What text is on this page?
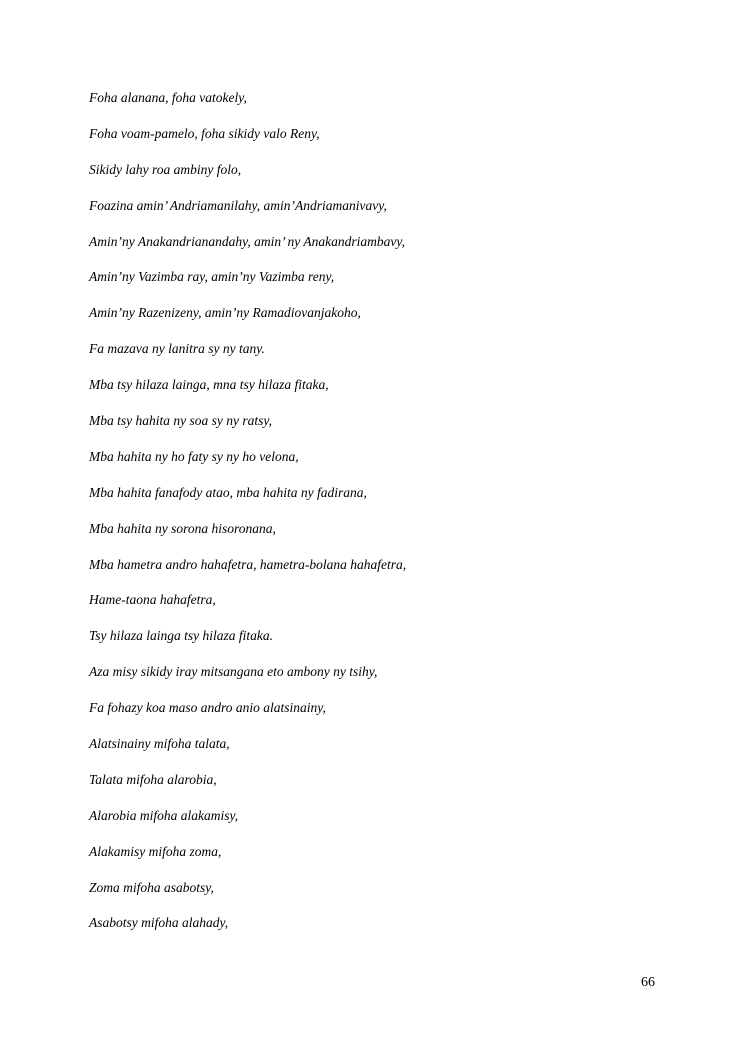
Foha alanana, foha vatokely,

Foha voam-pamelo, foha sikidy valo Reny,

Sikidy lahy roa ambiny folo,

Foazina amin’ Andriamanilahy, amin’Andriamanivavy,

Amin’ny Anakandrianandahy, amin’ ny Anakandriambavy,

Amin’ny Vazimba ray, amin’ny Vazimba reny,

Amin’ny Razenizeny, amin’ny Ramadiovanjakoho,

Fa mazava ny lanitra sy ny tany.

Mba tsy hilaza lainga, mna tsy hilaza fitaka,

Mba tsy hahita ny soa sy ny ratsy,

Mba hahita ny ho faty sy ny ho velona,

Mba hahita fanafody atao, mba hahita ny fadirana,

Mba hahita ny sorona hisoronana,

Mba hametra andro hahafetra, hametra-bolana hahafetra,

Hame-taona hahafetra,

Tsy hilaza lainga tsy hilaza fitaka.

Aza misy sikidy iray mitsangana eto ambony ny tsihy,

Fa fohazy koa maso andro anio alatsinainy,

Alatsinainy mifoha talata,

Talata mifoha alarobia,

Alarobia mifoha alakamisy,

Alakamisy mifoha zoma,

Zoma mifoha asabotsy,

Asabotsy mifoha alahady,

66
